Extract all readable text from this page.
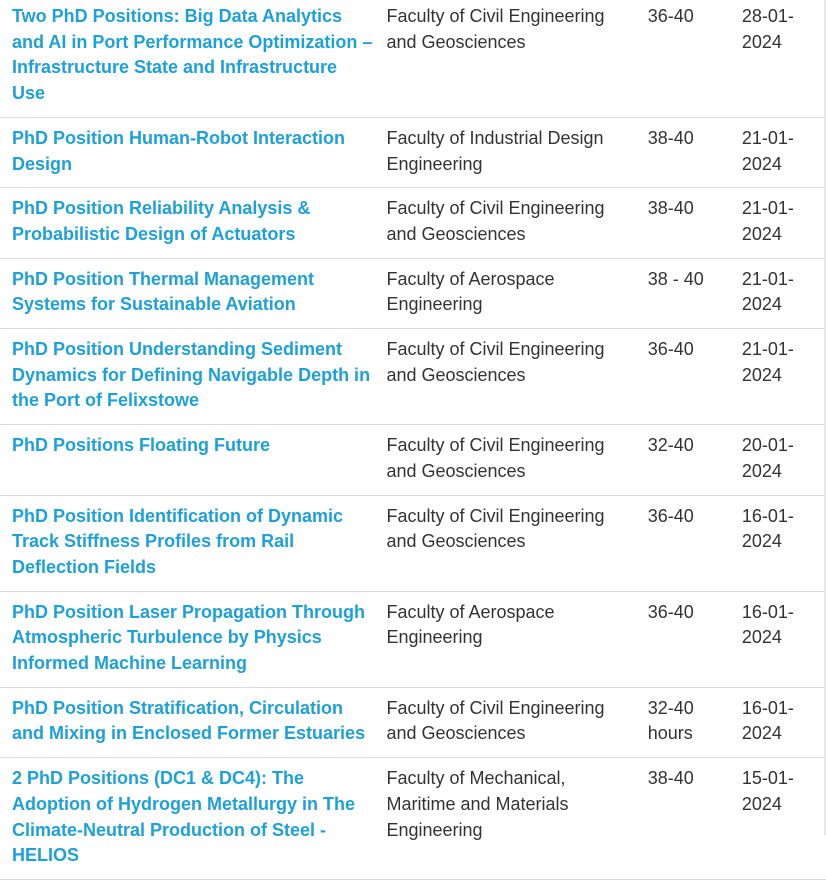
Two PhD Positions: Big Data Analytics and AI in Port Performance Optimization – Infrastructure State and Infrastructure Use	Faculty of Civil Engineering and Geosciences	36-40	28-01-2024

PhD Position Human-Robot Interaction Design	Faculty of Industrial Design Engineering	38-40	21-01-2024

PhD Position Reliability Analysis & Probabilistic Design of Actuators	Faculty of Civil Engineering and Geosciences	38-40	21-01-2024

PhD Position Thermal Management Systems for Sustainable Aviation	Faculty of Aerospace Engineering	38 - 40	21-01-2024

PhD Position Understanding Sediment Dynamics for Defining Navigable Depth in the Port of Felixstowe	Faculty of Civil Engineering and Geosciences	36-40	21-01-2024

PhD Positions Floating Future	Faculty of Civil Engineering and Geosciences	32-40	20-01-2024

PhD Position Identification of Dynamic Track Stiffness Profiles from Rail Deflection Fields	Faculty of Civil Engineering and Geosciences	36-40	16-01-2024

PhD Position Laser Propagation Through Atmospheric Turbulence by Physics Informed Machine Learning	Faculty of Aerospace Engineering	36-40	16-01-2024

PhD Position Stratification, Circulation and Mixing in Enclosed Former Estuaries	Faculty of Civil Engineering and Geosciences	32-40 hours	16-01-2024

2 PhD Positions (DC1 & DC4): The Adoption of Hydrogen Metallurgy in The Climate-Neutral Production of Steel - HELIOS	Faculty of Mechanical, Maritime and Materials Engineering	38-40	15-01-2024
